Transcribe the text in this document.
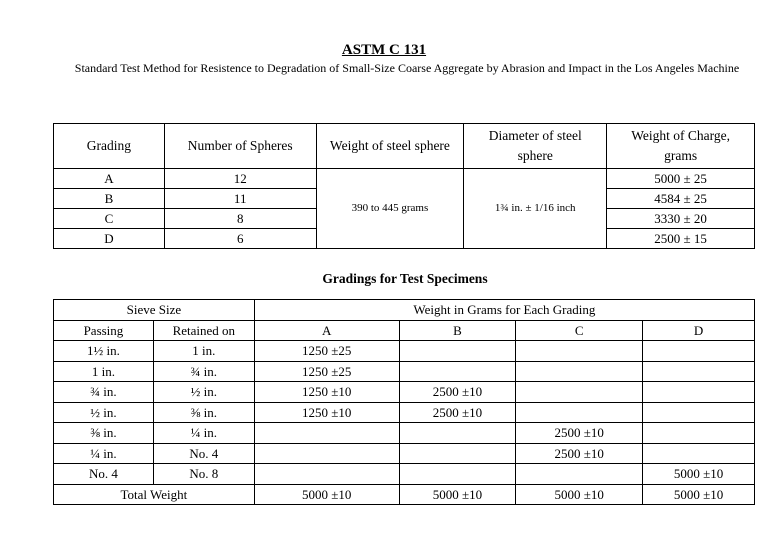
ASTM C 131
Standard Test Method for Resistence to Degradation of Small-Size Coarse Aggregate by Abrasion and Impact in the Los Angeles Machine
Grading	Number of Spheres	Weight of steel sphere	Diameter of steel sphere	Weight of Charge, grams
A	12	390 to 445 grams	1¾ in. ± 1/16 inch	5000 ± 25
B	11			4584 ± 25
C	8			3330 ± 20
D	6			2500 ± 15
Gradings for Test Specimens
Sieve Size		Weight in Grams for Each Grading			
Passing	Retained on	A	B	C	D
1½ in.	1 in.	1250 ±25			
1 in.	¾ in.	1250 ±25			
¾ in.	½ in.	1250 ±10	2500 ±10		
½ in.	⅜ in.	1250 ±10	2500 ±10		
⅜ in.	¼ in.			2500 ±10	
¼ in.	No. 4			2500 ±10	
No. 4	No. 8				5000 ±10
Total Weight		5000 ±10	5000 ±10	5000 ±10	5000 ±10
